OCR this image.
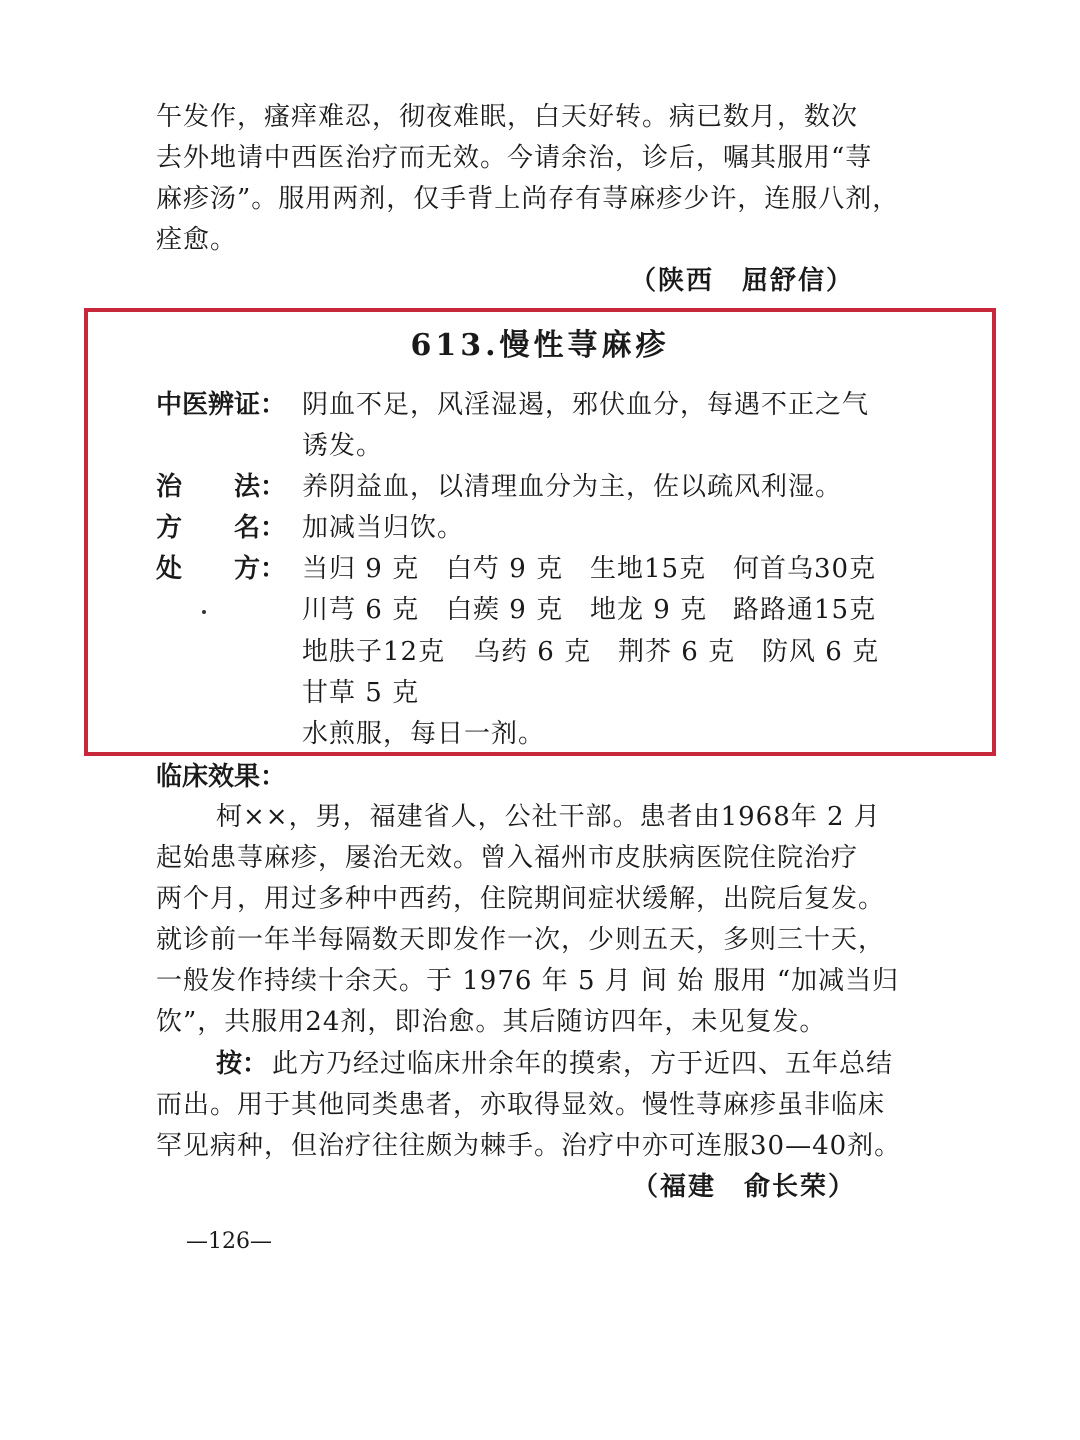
午发作，瘙痒难忍，彻夜难眠，白天好转。病已数月，数次
去外地请中西医治疗而无效。今请余治，诊后，嘱其服用“荨
麻疹汤”。服用两剂，仅手背上尚存有荨麻疹少许，连服八剂，
痊愈。
（陕西　屈舒信）
613.慢性荨麻疹
中医辨证： 阴血不足，风淫湿遏，邪伏血分，每遇不正之气
诱发。
治　　法： 养阴益血，以清理血分为主，佐以疏风利湿。
方　　名： 加减当归饮。
处　　方： 当归 9 克 白芍 9 克 生地15克 何首乌30克
川芎 6 克 白蒺 9 克 地龙 9 克 路路通15克
地肤子12克 乌药 6 克 荆芥 6 克 防风 6 克
甘草 5 克
水煎服，每日一剂。
临床效果：
柯××，男，福建省人，公社干部。患者由1968年 2 月
起始患荨麻疹，屡治无效。曾入福州市皮肤病医院住院治疗
两个月，用过多种中西药，住院期间症状缓解，出院后复发。
就诊前一年半每隔数天即发作一次，少则五天，多则三十天，
一般发作持续十余天。于 1976 年 5 月 间 始 服用 “加减当归
饮”，共服用24剂，即治愈。其后随访四年，未见复发。
按： 此方乃经过临床卅余年的摸索，方于近四、五年总结
而出。用于其他同类患者，亦取得显效。慢性荨麻疹虽非临床
罕见病种，但治疗往往颇为棘手。治疗中亦可连服30—40剂。
（福建　俞长荣）
—126—
